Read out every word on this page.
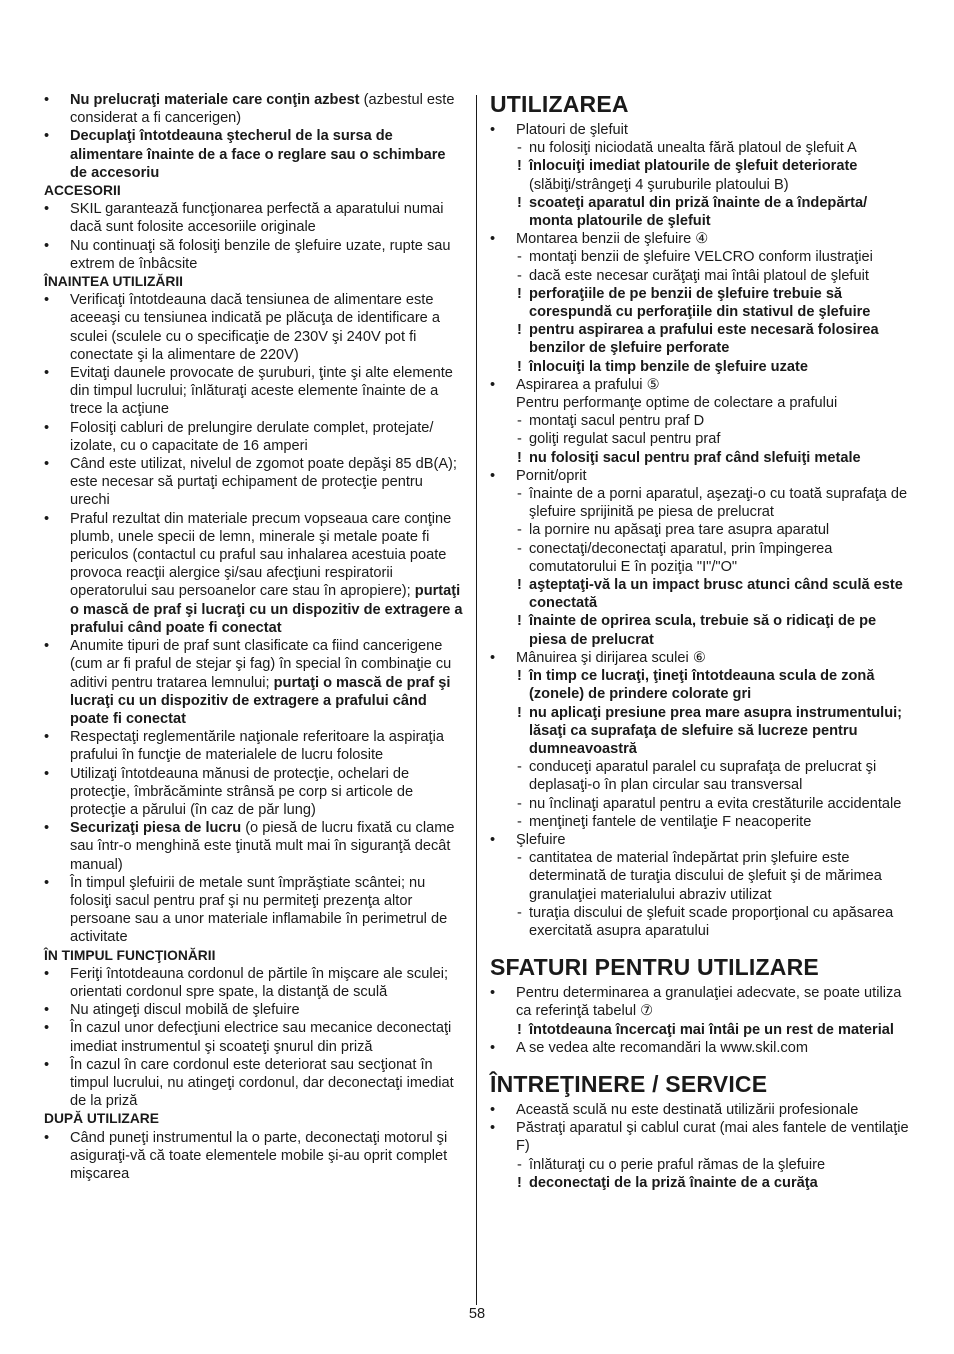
• Nu prelucraţi materiale care conţin azbest (azbestul este considerat a fi cancerigen)
• Decuplaţi întotdeauna ştecherul de la sursa de alimentare înainte de a face o reglare sau o schimbare de accesoriu
ACCESORII
• SKIL garantează funcţionarea perfectă a aparatului numai dacă sunt folosite accesoriile originale
• Nu continuaţi să folosiţi benzile de şlefuire uzate, rupte sau extrem de înbâcsite
ÎNAINTEA UTILIZĂRII
• Verificaţi întotdeauna dacă tensiunea de alimentare este aceeaşi cu tensiunea indicată pe plăcuţa de identificare a sculei (sculele cu o specificaţie de 230V şi 240V pot fi conectate şi la alimentare de 220V)
• Evitaţi daunele provocate de şuruburi, ţinte şi alte elemente din timpul lucrului; înlăturaţi aceste elemente înainte de a trece la acţiune
• Folosiţi cabluri de prelungire derulate complet, protejate/ izolate, cu o capacitate de 16 amperi
• Când este utilizat, nivelul de zgomot poate depăşi 85 dB(A); este necesar să purtaţi echipament de protecţie pentru urechi
• Praful rezultat din materiale precum vopseaua care conţine plumb, unele specii de lemn, minerale şi metale poate fi periculos (contactul cu praful sau inhalarea acestuia poate provoca reacţii alergice şi/sau afecţiuni respiratorii operatorului sau persoanelor care stau în apropiere); purtaţi o mască de praf şi lucraţi cu un dispozitiv de extragere a prafului când poate fi conectat
• Anumite tipuri de praf sunt clasificate ca fiind cancerigene (cum ar fi praful de stejar şi fag) în special în combinaţie cu aditivi pentru tratarea lemnului; purtaţi o mască de praf şi lucraţi cu un dispozitiv de extragere a prafului când poate fi conectat
• Respectaţi reglementările naţionale referitoare la aspiraţia prafului în funcţie de materialele de lucru folosite
• Utilizaţi întotdeauna mănusi de protecţie, ochelari de protecţie, îmbrăcăminte strânsă pe corp si articole de protecţie a părului (în caz de păr lung)
• Securizaţi piesa de lucru (o piesă de lucru fixată cu clame sau într-o menghină este ţinută mult mai în siguranţă decât manual)
• În timpul şlefuirii de metale sunt împrăştiate scântei; nu folosiţi sacul pentru praf şi nu permiteţi prezenţa altor persoane sau a unor materiale inflamabile în perimetrul de activitate
ÎN TIMPUL FUNCŢIONĂRII
• Feriţi întotdeauna cordonul de părtile în mişcare ale sculei; orientati cordonul spre spate, la distanţă de sculă
• Nu atingeţi discul mobilă de şlefuire
• În cazul unor defecţiuni electrice sau mecanice deconectaţi imediat instrumentul şi scoateţi şnurul din priză
• În cazul în care cordonul este deteriorat sau secţionat în timpul lucrului, nu atingeţi cordonul, dar deconectaţi imediat de la priză
DUPĂ UTILIZARE
• Când puneţi instrumentul la o parte, deconectaţi motorul şi asiguraţi-vă că toate elementele mobile şi-au oprit complet mişcarea
UTILIZAREA
• Platouri de şlefuit
- nu folosiţi niciodată unealta fără platoul de şlefuit A
! înlocuiţi imediat platourile de şlefuit deteriorate (slăbiţi/strângeţi 4 şuruburile platoului B)
! scoateţi aparatul din priză înainte de a îndepărta/ monta platourile de şlefuit
• Montarea benzii de şlefuire ④
- montaţi benzii de şlefuire VELCRO conform ilustraţiei
- dacă este necesar curăţaţi mai întâi platoul de şlefuit
! perforaţiile de pe benzii de şlefuire trebuie să corespundă cu perforaţiile din stativul de şlefuire
! pentru aspirarea a prafului este necesară folosirea benzilor de şlefuire perforate
! înlocuiţi la timp benzile de şlefuire uzate
• Aspirarea a prafului ⑤
Pentru performanţe optime de colectare a prafului
- montaţi sacul pentru praf D
- goliţi regulat sacul pentru praf
! nu folosiţi sacul pentru praf când slefuiţi metale
• Pornit/oprit
- înainte de a porni aparatul, aşezaţi-o cu toată suprafaţa de şlefuire sprijinită pe piesa de prelucrat
- la pornire nu apăsaţi prea tare asupra aparatul
- conectaţi/deconectaţi aparatul, prin împingerea comutatorului E în poziţia "I"/"O"
! aşteptaţi-vă la un impact brusc atunci când sculă este conectată
! înainte de oprirea scula, trebuie să o ridicaţi de pe piesa de prelucrat
• Mânuirea şi dirijarea sculei ⑥
! în timp ce lucraţi, ţineţi întotdeauna scula de zonă (zonele) de prindere colorate gri
! nu aplicaţi presiune prea mare asupra instrumentului; lăsaţi ca suprafaţa de slefuire să lucreze pentru dumneavoastră
- conduceţi aparatul paralel cu suprafaţa de prelucrat şi deplasaţi-o în plan circular sau transversal
- nu înclinaţi aparatul pentru a evita crestăturile accidentale
- menţineţi fantele de ventilaţie F neacoperite
• Şlefuire
- cantitatea de material îndepărtat prin şlefuire este determinată de turaţia discului de şlefuit şi de mărimea granulaţiei materialului abraziv utilizat
- turaţia discului de şlefuit scade proporţional cu apăsarea exercitată asupra aparatului
SFATURI PENTRU UTILIZARE
• Pentru determinarea a granulaţiei adecvate, se poate utiliza ca referinţă tabelul ⑦
! întotdeauna încercaţi mai întâi pe un rest de material
• A se vedea alte recomandări la www.skil.com
ÎNTREŢINERE / SERVICE
• Această sculă nu este destinată utilizării profesionale
• Păstraţi aparatul şi cablul curat (mai ales fantele de ventilaţie F)
- înlăturaţi cu o perie praful rămas de la şlefuire
! deconectaţi de la priză înainte de a curăţa
58
